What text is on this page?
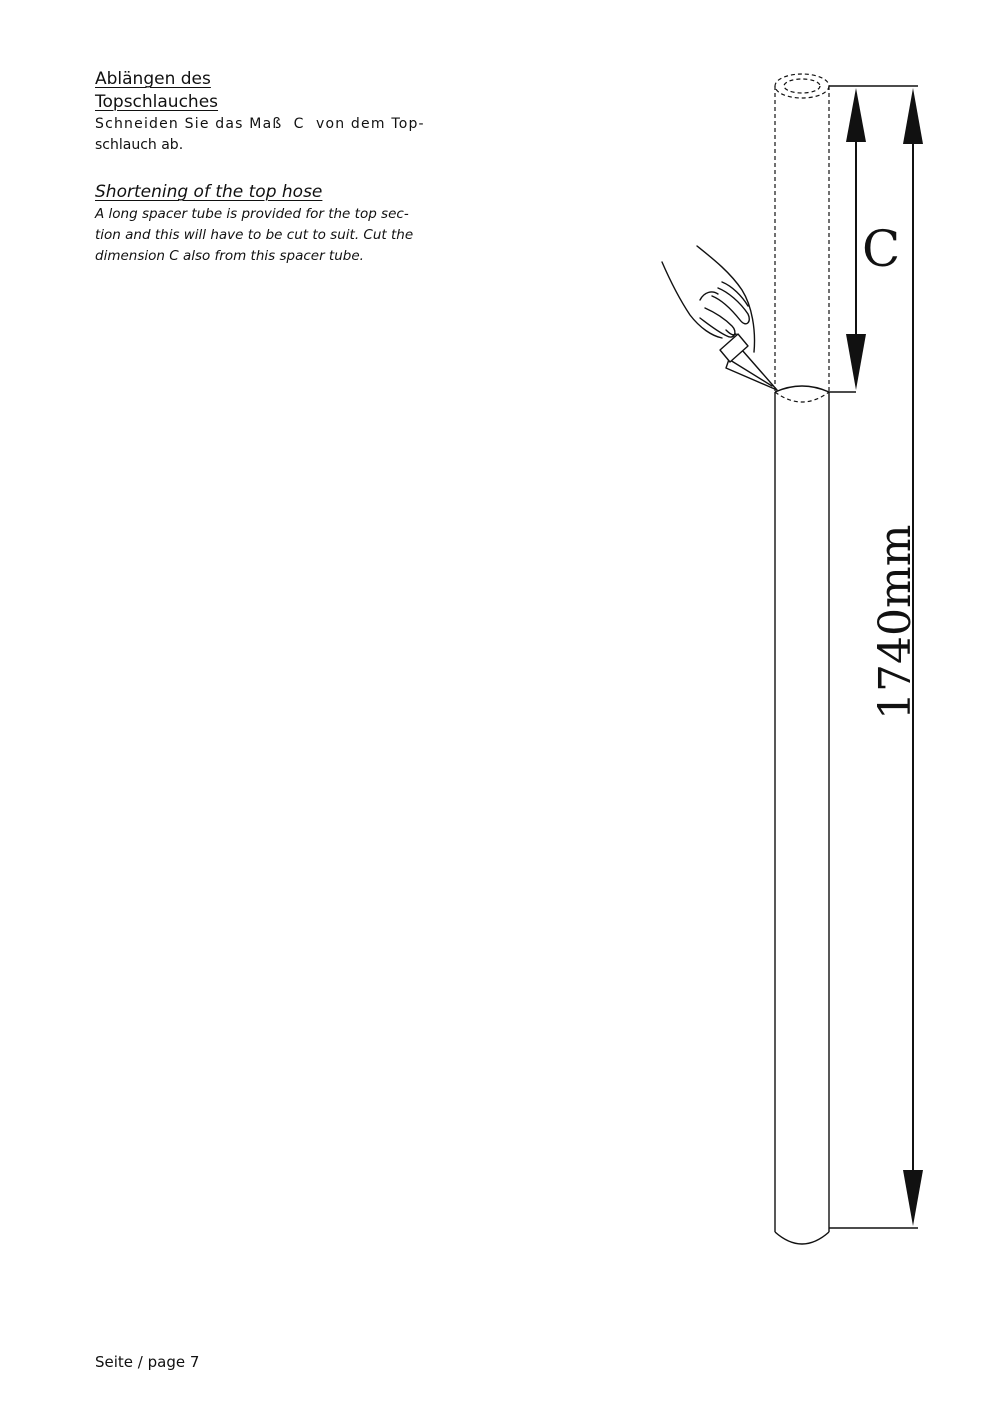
Ablängen des

Topschlauches

Schneiden Sie das Maß  C  von dem Top-

schlauch ab.

Shortening of the top hose

A long spacer tube is provided for the top sec-

tion and this will have to be cut to suit. Cut the

dimension C also from this spacer tube.	C
1740mm
Seite / page 7
